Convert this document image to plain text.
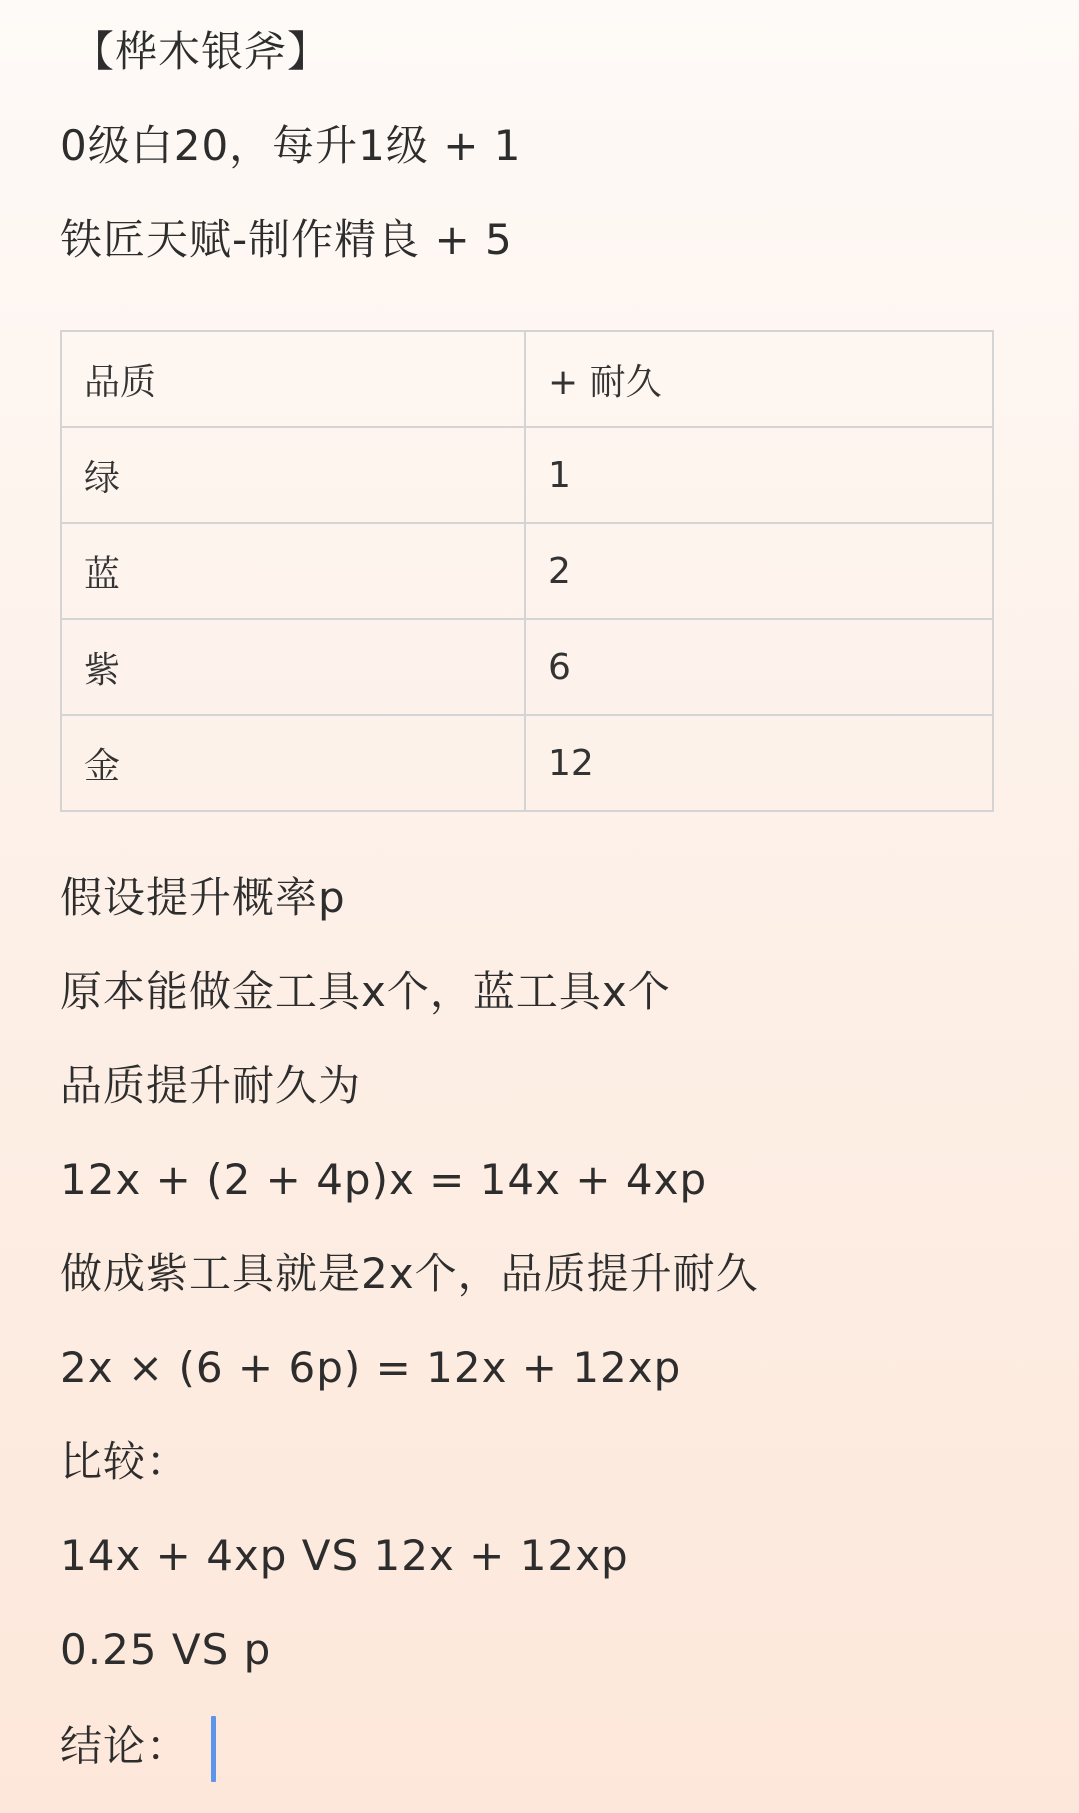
【桦木银斧】
0级白20，每升1级 + 1
铁匠天赋-制作精良 + 5
品质	+ 耐久
绿	1
蓝	2
紫	6
金	12
假设提升概率p
原本能做金工具x个，蓝工具x个
品质提升耐久为
12x + (2 + 4p)x = 14x + 4xp
做成紫工具就是2x个，品质提升耐久
2x × (6 + 6p) = 12x + 12xp
比较：
14x + 4xp VS 12x + 12xp
0.25 VS p
结论：
